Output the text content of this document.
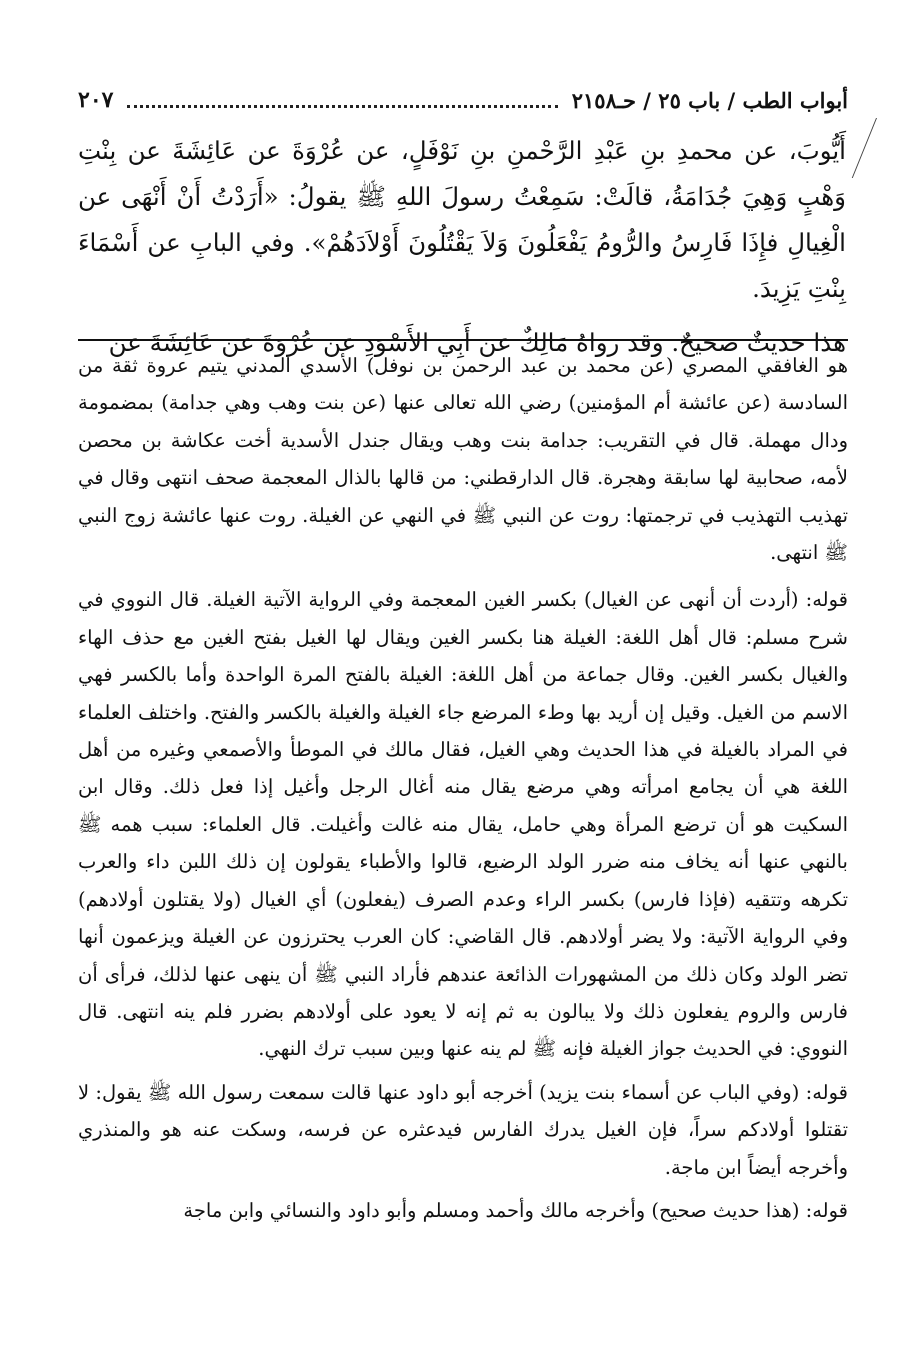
أبواب الطب / باب ٢٥ / حـ٢١٥٨
٢٠٧

أَيُّوبَ، عن محمدِ بنِ عَبْدِ الرَّحْمنِ بنِ نَوْفَلٍ، عن عُرْوَةَ عن عَائِشَةَ عن بِنْتِ وَهْبٍ وَهِيَ جُدَامَةُ، قالَتْ: سَمِعْتُ رسولَ اللهِ ﷺ يقولُ: «أَرَدْتُ أَنْ أَنْهَى عن الْغِيالِ فإِذَا فَارِسُ والرُّومُ يَفْعَلُونَ وَلاَ يَقْتُلُونَ أَوْلاَدَهُمْ». وفي البابِ عن أَسْمَاءَ بِنْتِ يَزِيدَ.

هذا حديثٌ صحيحٌ. وقد رواهُ مَالِكٌ عن أَبِي الأَسْوَدِ عن عُرْوَةَ عن عَائِشَةَ عن

هو الغافقي المصري (عن محمد بن عبد الرحمن بن نوفل) الأسدي المدني يتيم عروة ثقة من السادسة (عن عائشة أم المؤمنين) رضي الله تعالى عنها (عن بنت وهب وهي جدامة) بمضمومة ودال مهملة. قال في التقريب: جدامة بنت وهب ويقال جندل الأسدية أخت عكاشة بن محصن لأمه، صحابية لها سابقة وهجرة. قال الدارقطني: من قالها بالذال المعجمة صحف انتهى وقال في تهذيب التهذيب في ترجمتها: روت عن النبي ﷺ في النهي عن الغيلة. روت عنها عائشة زوج النبي ﷺ انتهى.

قوله: (أردت أن أنهى عن الغيال) بكسر الغين المعجمة وفي الرواية الآتية الغيلة. قال النووي في شرح مسلم: قال أهل اللغة: الغيلة هنا بكسر الغين ويقال لها الغيل بفتح الغين مع حذف الهاء والغيال بكسر الغين. وقال جماعة من أهل اللغة: الغيلة بالفتح المرة الواحدة وأما بالكسر فهي الاسم من الغيل. وقيل إن أريد بها وطء المرضع جاء الغيلة والغيلة بالكسر والفتح. واختلف العلماء في المراد بالغيلة في هذا الحديث وهي الغيل، فقال مالك في الموطأ والأصمعي وغيره من أهل اللغة هي أن يجامع امرأته وهي مرضع يقال منه أغال الرجل وأغيل إذا فعل ذلك. وقال ابن السكيت هو أن ترضع المرأة وهي حامل، يقال منه غالت وأغيلت. قال العلماء: سبب همه ﷺ بالنهي عنها أنه يخاف منه ضرر الولد الرضيع، قالوا والأطباء يقولون إن ذلك اللبن داء والعرب تكرهه وتتقيه (فإذا فارس) بكسر الراء وعدم الصرف (يفعلون) أي الغيال (ولا يقتلون أولادهم) وفي الرواية الآتية: ولا يضر أولادهم. قال القاضي: كان العرب يحترزون عن الغيلة ويزعمون أنها تضر الولد وكان ذلك من المشهورات الذائعة عندهم فأراد النبي ﷺ أن ينهى عنها لذلك، فرأى أن فارس والروم يفعلون ذلك ولا يبالون به ثم إنه لا يعود على أولادهم بضرر فلم ينه انتهى. قال النووي: في الحديث جواز الغيلة فإنه ﷺ لم ينه عنها وبين سبب ترك النهي.

قوله: (وفي الباب عن أسماء بنت يزيد) أخرجه أبو داود عنها قالت سمعت رسول الله ﷺ يقول: لا تقتلوا أولادكم سراً، فإن الغيل يدرك الفارس فيدعثره عن فرسه، وسكت عنه هو والمنذري وأخرجه أيضاً ابن ماجة.

قوله: (هذا حديث صحيح) وأخرجه مالك وأحمد ومسلم وأبو داود والنسائي وابن ماجة
